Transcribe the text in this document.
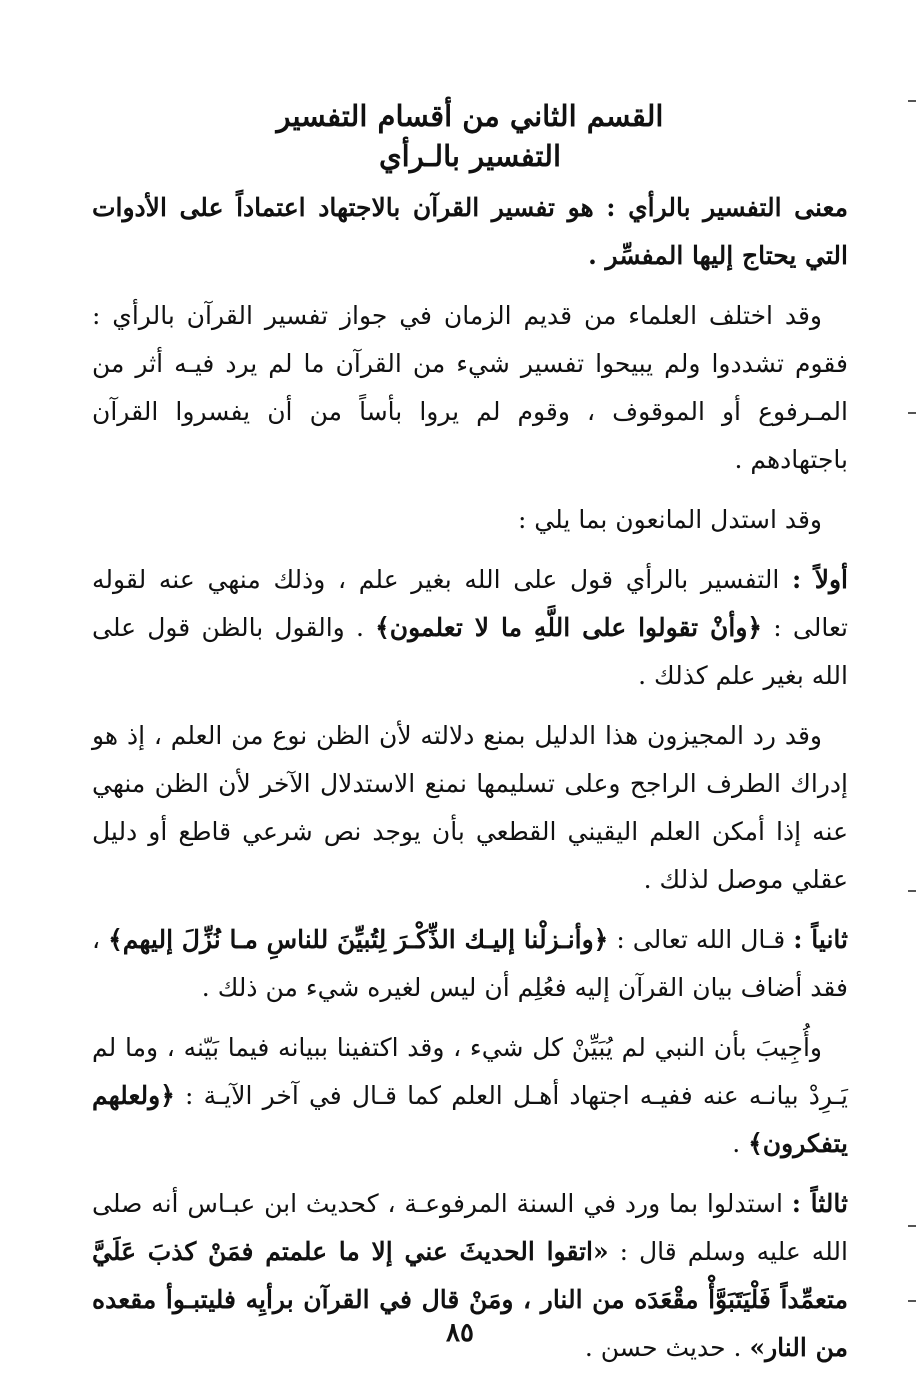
القسم الثاني من أقسام التفسير
التفسير بالـرأي

معنى التفسير بالرأي : هو تفسير القرآن بالاجتهاد اعتماداً على الأدوات التي يحتاج إليها المفسِّر .

وقد اختلف العلماء من قديم الزمان في جواز تفسير القرآن بالرأي : فقوم تشددوا ولم يبيحوا تفسير شيء من القرآن ما لم يرد فيـه أثر من المـرفوع أو الموقوف ، وقوم لم يروا بأساً من أن يفسروا القرآن باجتهادهم .

وقد استدل المانعون بما يلي :

أولاً : التفسير بالرأي قول على الله بغير علم ، وذلك منهي عنه لقوله تعالى : ﴿وأنْ تقولوا على اللَّهِ ما لا تعلمون﴾ . والقول بالظن قول على الله بغير علم كذلك .

وقد رد المجيزون هذا الدليل بمنع دلالته لأن الظن نوع من العلم ، إذ هو إدراك الطرف الراجح وعلى تسليمها نمنع الاستدلال الآخر لأن الظن منهي عنه إذا أمكن العلم اليقيني القطعي بأن يوجد نص شرعي قاطع أو دليل عقلي موصل لذلك .

ثانياً : قـال الله تعالى : ﴿وأنـزلْنا إليـك الذِّكْـرَ لِتُبيِّنَ للناسِ مـا نُزِّلَ إليهم﴾ ، فقد أضاف بيان القرآن إليه فعُلِم أن ليس لغيره شيء من ذلك .

وأُجِيبَ بأن النبي لم يُبَيِّنْ كل شيء ، وقد اكتفينا ببيانه فيما بَيّنه ، وما لم يَـرِدْ بيانـه عنه ففيـه اجتهاد أهـل العلم كما قـال في آخر الآيـة : ﴿ولعلهم يتفكرون﴾ .

ثالثاً : استدلوا بما ورد في السنة المرفوعـة ، كحديث ابن عبـاس أنه صلى الله عليه وسلم قال : «اتقوا الحديثَ عني إلا ما علمتم فمَنْ كذبَ عَلَيَّ متعمِّداً فَلْيَتَبَوَّأْ مقْعَدَه من النار ، ومَنْ قال في القرآن برأيِه فليتبـوأ مقعده من النار» . حديث حسن .

٨٥
